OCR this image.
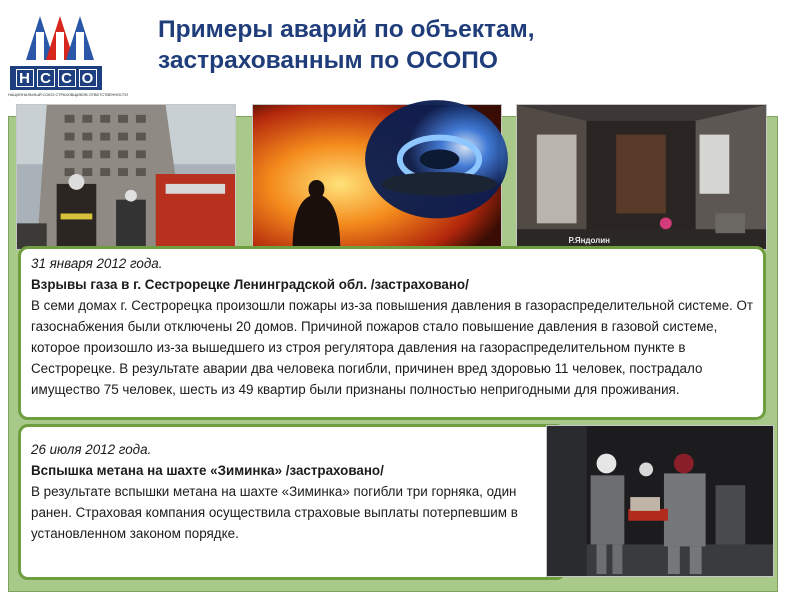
Н С С О
НАЦИОНАЛЬНЫЙ СОЮЗ СТРАХОВЩИКОВ ОТВЕТСТВЕННОСТИ
Примеры аварий по объектам,
застрахованным по ОСОПО
Р.Яндолин
31 января 2012 года.
Взрывы газа в г. Сестрорецке Ленинградской обл. /застраховано/
В семи домах г. Сестрорецка произошли пожары из-за повышения давления в газораспределительной системе. От газоснабжения были отключены 20 домов. Причиной пожаров стало повышение давления в газовой системе, которое произошло из-за вышедшего из строя регулятора давления на газораспределительном пункте в Сестрорецке. В результате аварии два человека погибли, причинен вред здоровью 11 человек, пострадало имущество 75 человек, шесть из 49 квартир были признаны полностью непригодными для проживания.
26 июля 2012 года.
Вспышка метана на шахте «Зиминка» /застраховано/
В результате вспышки метана на шахте «Зиминка» погибли три горняка, один ранен. Страховая компания осуществила страховые выплаты потерпевшим в установленном законом порядке.
